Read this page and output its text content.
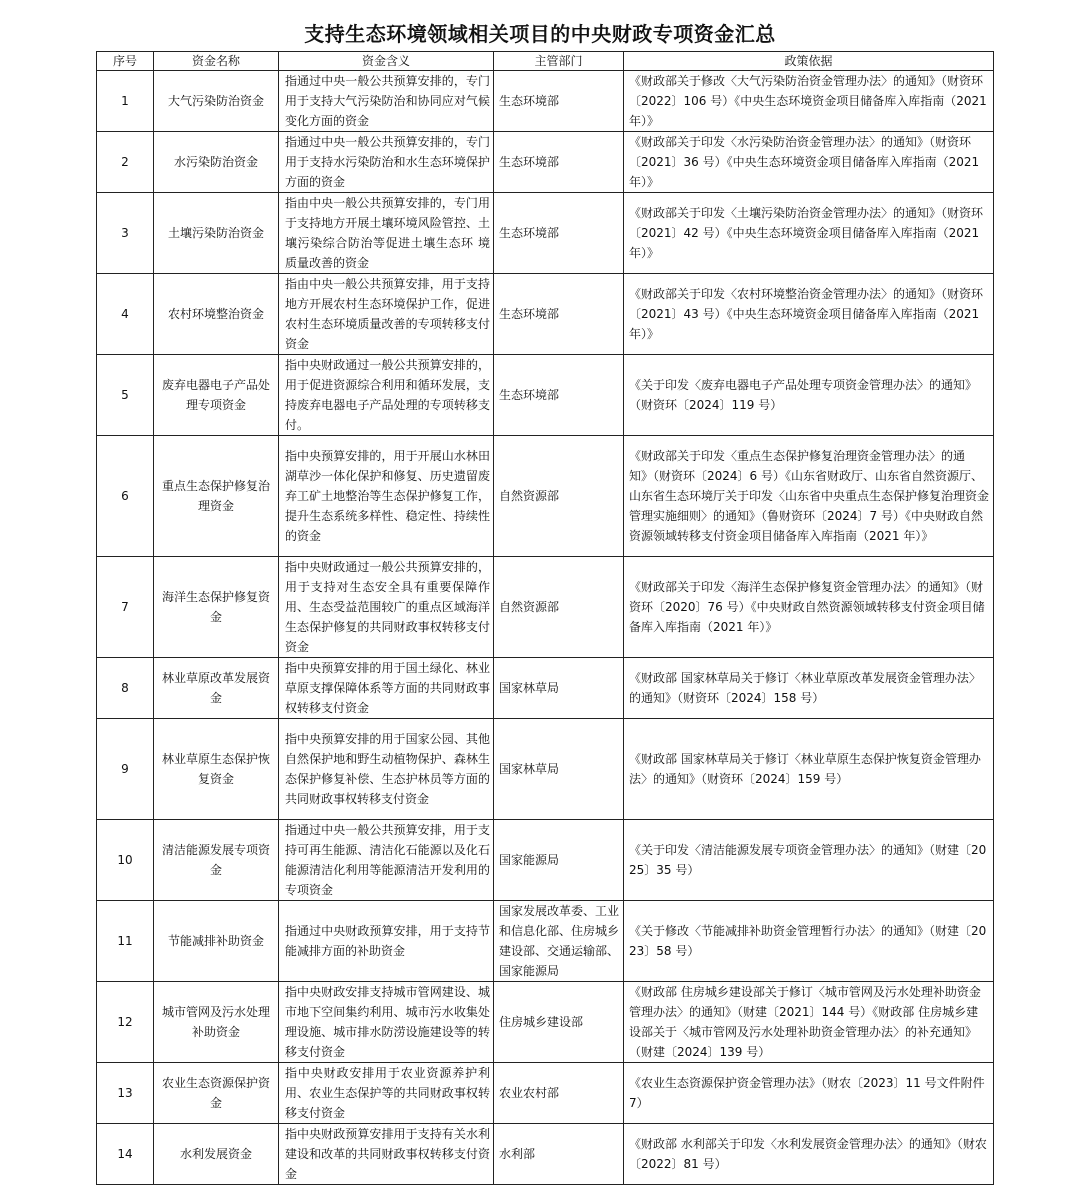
支持生态环境领域相关项目的中央财政专项资金汇总
序号	资金名称	资金含义	主管部门	政策依据
1	大气污染防治资金	指通过中央一般公共预算安排的，专门用于支持大气污染防治和协同应对气候变化方面的资金	生态环境部	《财政部关于修改〈大气污染防治资金管理办法〉的通知》（财资环〔2022〕106 号）《中央生态环境资金项目储备库入库指南（2021 年）》
2	水污染防治资金	指通过中央一般公共预算安排的，专门用于支持水污染防治和水生态环境保护方面的资金	生态环境部	《财政部关于印发〈水污染防治资金管理办法〉的通知》（财资环〔2021〕36 号）《中央生态环境资金项目储备库入库指南（2021 年）》
3	土壤污染防治资金	指由中央一般公共预算安排的，专门用于支持地方开展土壤环境风险管控、土壤污染综合防治等促进土壤生态环 境质量改善的资金	生态环境部	《财政部关于印发〈土壤污染防治资金管理办法〉的通知》（财资环〔2021〕42 号）《中央生态环境资金项目储备库入库指南（2021 年）》
4	农村环境整治资金	指由中央一般公共预算安排，用于支持地方开展农村生态环境保护工作，促进农村生态环境质量改善的专项转移支付资金	生态环境部	《财政部关于印发〈农村环境整治资金管理办法〉的通知》（财资环〔2021〕43 号）《中央生态环境资金项目储备库入库指南（2021 年）》
5	废弃电器电子产品处理专项资金	指中央财政通过一般公共预算安排的，用于促进资源综合利用和循环发展，支持废弃电器电子产品处理的专项转移支付。	生态环境部	《关于印发〈废弃电器电子产品处理专项资金管理办法〉的通知》（财资环〔2024〕119 号）
6	重点生态保护修复治理资金	指中央预算安排的，用于开展山水林田湖草沙一体化保护和修复、历史遗留废弃工矿土地整治等生态保护修复工作，提升生态系统多样性、稳定性、持续性的资金	自然资源部	《财政部关于印发〈重点生态保护修复治理资金管理办法〉的通知》（财资环〔2024〕6 号）《山东省财政厅、山东省自然资源厅、山东省生态环境厅关于印发〈山东省中央重点生态保护修复治理资金管理实施细则〉的通知》（鲁财资环〔2024〕7 号）《中央财政自然资源领域转移支付资金项目储备库入库指南（2021 年）》
7	海洋生态保护修复资金	指中央财政通过一般公共预算安排的，用于支持对生态安全具有重要保障作用、生态受益范围较广的重点区域海洋生态保护修复的共同财政事权转移支付资金	自然资源部	《财政部关于印发〈海洋生态保护修复资金管理办法〉的通知》（财资环〔2020〕76 号）《中央财政自然资源领域转移支付资金项目储备库入库指南（2021 年）》
8	林业草原改革发展资金	指中央预算安排的用于国土绿化、林业草原支撑保障体系等方面的共同财政事权转移支付资金	国家林草局	《财政部 国家林草局关于修订〈林业草原改革发展资金管理办法〉的通知》（财资环〔2024〕158 号）
9	林业草原生态保护恢复资金	指中央预算安排的用于国家公园、其他自然保护地和野生动植物保护、森林生态保护修复补偿、生态护林员等方面的共同财政事权转移支付资金	国家林草局	《财政部 国家林草局关于修订〈林业草原生态保护恢复资金管理办法〉的通知》（财资环〔2024〕159 号）
10	清洁能源发展专项资金	指通过中央一般公共预算安排，用于支持可再生能源、清洁化石能源以及化石能源清洁化利用等能源清洁开发利用的专项资金	国家能源局	《关于印发〈清洁能源发展专项资金管理办法〉的通知》（财建〔2025〕35 号）
11	节能减排补助资金	指通过中央财政预算安排，用于支持节能减排方面的补助资金	国家发展改革委、工业和信息化部、住房城乡建设部、交通运输部、国家能源局	《关于修改〈节能减排补助资金管理暂行办法〉的通知》（财建〔2023〕58 号）
12	城市管网及污水处理补助资金	指中央财政安排支持城市管网建设、城市地下空间集约利用、城市污水收集处理设施、城市排水防涝设施建设等的转移支付资金	住房城乡建设部	《财政部 住房城乡建设部关于修订〈城市管网及污水处理补助资金管理办法〉的通知》（财建〔2021〕144 号）《财政部 住房城乡建设部关于〈城市管网及污水处理补助资金管理办法〉的补充通知》（财建〔2024〕139 号）
13	农业生态资源保护资金	指中央财政安排用于农业资源养护利用、农业生态保护等的共同财政事权转移支付资金	农业农村部	《农业生态资源保护资金管理办法》（财农〔2023〕11 号文件附件 7）
14	水利发展资金	指中央财政预算安排用于支持有关水利建设和改革的共同财政事权转移支付资金	水利部	《财政部 水利部关于印发〈水利发展资金管理办法〉的通知》（财农〔2022〕81 号）
